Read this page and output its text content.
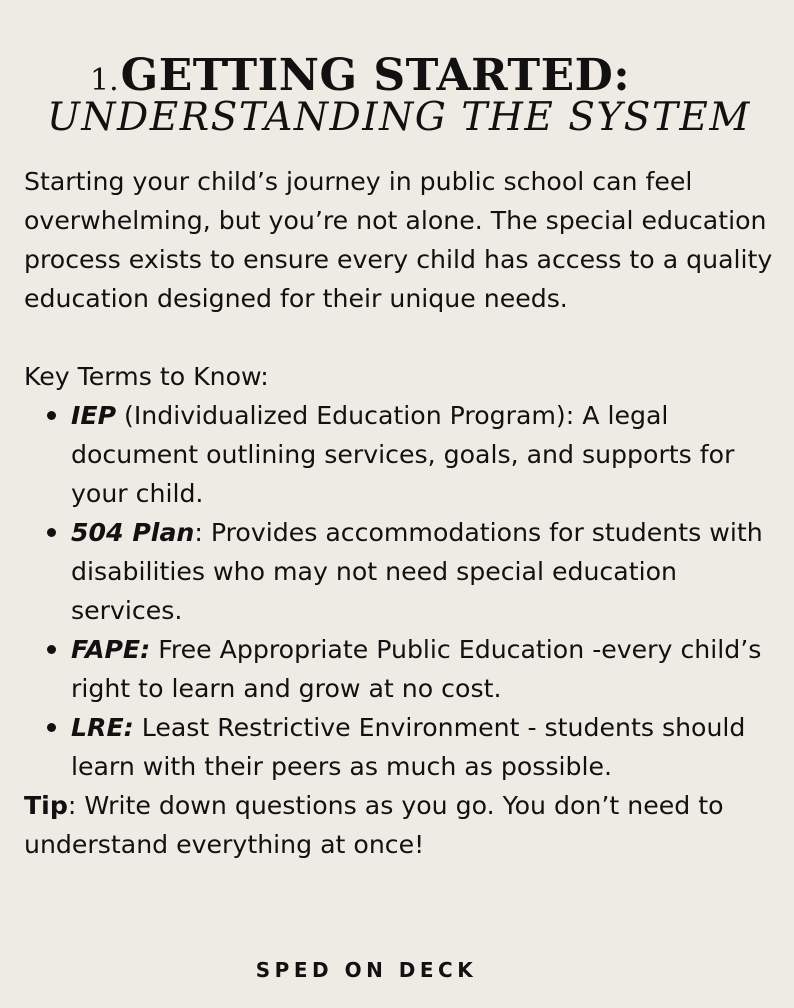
1.GETTING STARTED:
UNDERSTANDING THE SYSTEM

Starting your child’s journey in public school can feel overwhelming, but you’re not alone. The special education process exists to ensure every child has access to a quality education designed for their unique needs.

Key Terms to Know:

IEP (Individualized Education Program): A legal document outlining services, goals, and supports for your child.
504 Plan: Provides accommodations for students with disabilities who may not need special education services.
FAPE: Free Appropriate Public Education -every child’s right to learn and grow at no cost.
LRE: Least Restrictive Environment - students should learn with their peers as much as possible.

Tip: Write down questions as you go. You don’t need to understand everything at once!

SPED ON DECK
